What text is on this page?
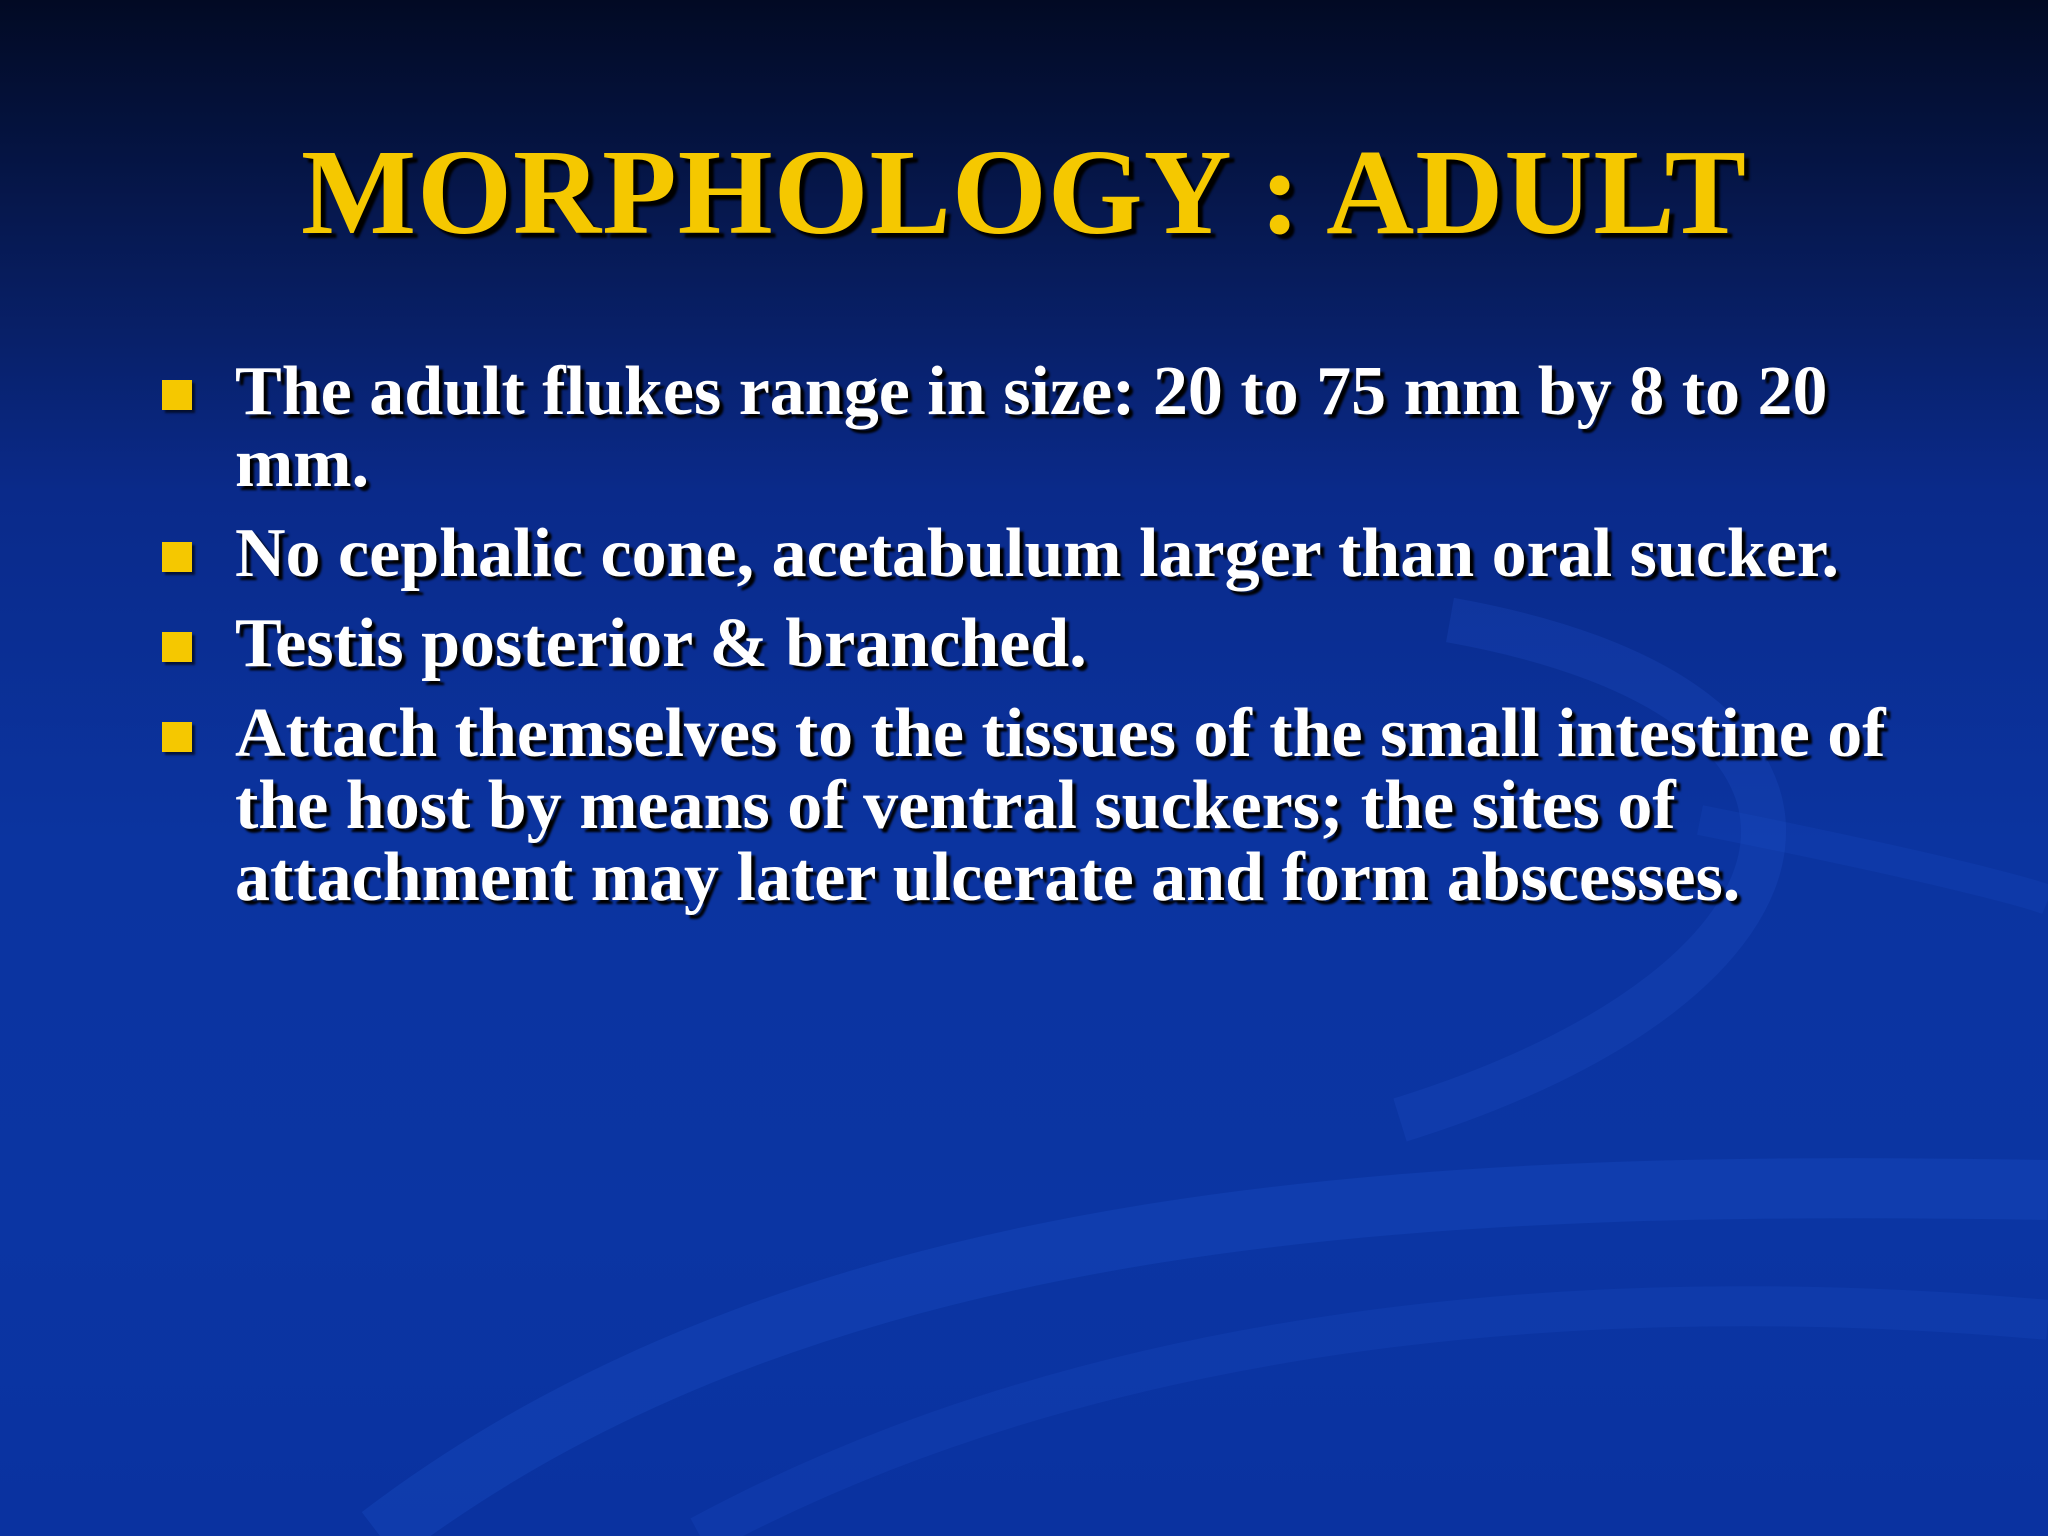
MORPHOLOGY : ADULT
The adult flukes range in size: 20 to 75 mm by 8 to 20 mm.
No cephalic cone, acetabulum larger than oral sucker.
Testis posterior & branched.
Attach themselves to the tissues of the small intestine of the host by means of ventral suckers; the sites of attachment may later ulcerate and form abscesses.
